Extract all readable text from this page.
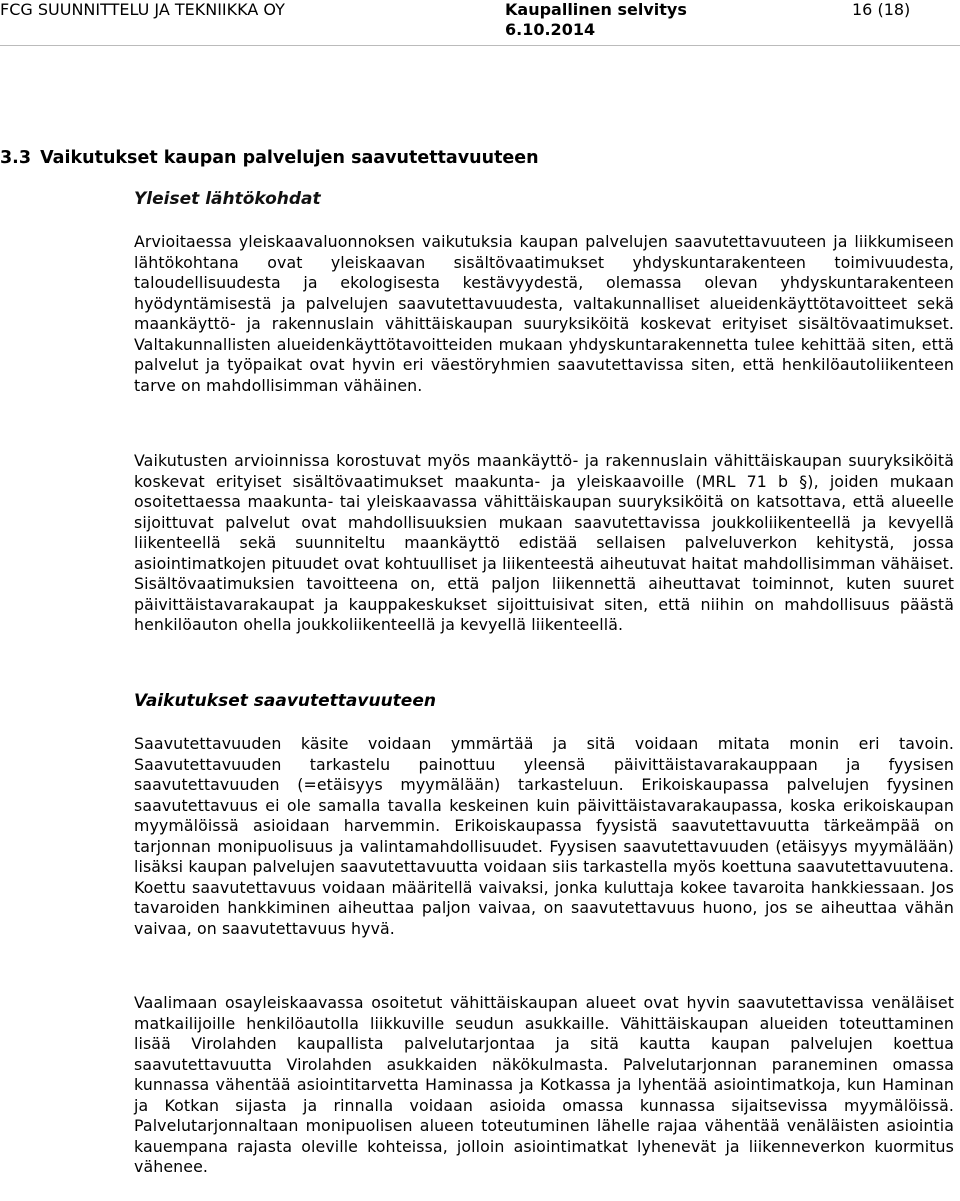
FCG SUUNNITTELU JA TEKNIIKKA OY	Kaupallinen selvitys
6.10.2014
16 (18)
3.3 Vaikutukset kaupan palvelujen saavutettavuuteen
Yleiset lähtökohdat
Arvioitaessa yleiskaavaluonnoksen vaikutuksia kaupan palvelujen saavutettavuuteen ja liikkumiseen lähtökohtana ovat yleiskaavan sisältövaatimukset yhdyskuntarakenteen toimivuudesta, taloudellisuudesta ja ekologisesta kestävyydestä, olemassa olevan yhdyskuntarakenteen hyödyntämisestä ja palvelujen saavutettavuudesta, valtakunnalliset alueidenkäyttötavoitteet sekä maankäyttö- ja rakennuslain vähittäiskaupan suuryksiköitä koskevat erityiset sisältövaatimukset. Valtakunnallisten alueidenkäyttötavoitteiden mukaan yhdyskuntarakennetta tulee kehittää siten, että palvelut ja työpaikat ovat hyvin eri väestöryhmien saavutettavissa siten, että henkilöautoliikenteen tarve on mahdollisimman vähäinen.
Vaikutusten arvioinnissa korostuvat myös maankäyttö- ja rakennuslain vähittäiskaupan suuryksiköitä koskevat erityiset sisältövaatimukset maakunta- ja yleiskaavoille (MRL 71 b §), joiden mukaan osoitettaessa maakunta- tai yleiskaavassa vähittäiskaupan suuryksiköitä on katsottava, että alueelle sijoittuvat palvelut ovat mahdollisuuksien mukaan saavutettavissa joukkoliikenteellä ja kevyellä liikenteellä sekä suunniteltu maankäyttö edistää sellaisen palveluverkon kehitystä, jossa asiointimatkojen pituudet ovat kohtuulliset ja liikenteestä aiheutuvat haitat mahdollisimman vähäiset. Sisältövaatimuksien tavoitteena on, että paljon liikennettä aiheuttavat toiminnot, kuten suuret päivittäistavarakaupat ja kauppakeskukset sijoittuisivat siten, että niihin on mahdollisuus päästä henkilöauton ohella joukkoliikenteellä ja kevyellä liikenteellä.
Vaikutukset saavutettavuuteen
Saavutettavuuden käsite voidaan ymmärtää ja sitä voidaan mitata monin eri tavoin. Saavutettavuuden tarkastelu painottuu yleensä päivittäistavarakauppaan ja fyysisen saavutettavuuden (=etäisyys myymälään) tarkasteluun. Erikoiskaupassa palvelujen fyysinen saavutettavuus ei ole samalla tavalla keskeinen kuin päivittäistavarakaupassa, koska erikoiskaupan myymälöissä asioidaan harvemmin. Erikoiskaupassa fyysistä saavutettavuutta tärkeämpää on tarjonnan monipuolisuus ja valintamahdollisuudet. Fyysisen saavutettavuuden (etäisyys myymälään) lisäksi kaupan palvelujen saavutettavuutta voidaan siis tarkastella myös koettuna saavutettavuutena. Koettu saavutettavuus voidaan määritellä vaivaksi, jonka kuluttaja kokee tavaroita hankkiessaan. Jos tavaroiden hankkiminen aiheuttaa paljon vaivaa, on saavutettavuus huono, jos se aiheuttaa vähän vaivaa, on saavutettavuus hyvä.
Vaalimaan osayleiskaavassa osoitetut vähittäiskaupan alueet ovat hyvin saavutettavissa venäläiset matkailijoille henkilöautolla liikkuville seudun asukkaille. Vähittäiskaupan alueiden toteuttaminen lisää Virolahden kaupallista palvelutarjontaa ja sitä kautta kaupan palvelujen koettua saavutettavuutta Virolahden asukkaiden näkökulmasta. Palvelutarjonnan paraneminen omassa kunnassa vähentää asiointitarvetta Haminassa ja Kotkassa ja lyhentää asiointimatkoja, kun Haminan ja Kotkan sijasta ja rinnalla voidaan asioida omassa kunnassa sijaitsevissa myymälöissä. Palvelutarjonnaltaan monipuolisen alueen toteutuminen lähelle rajaa vähentää venäläisten asiointia kauempana rajasta oleville kohteissa, jolloin asiointimatkat lyhenevät ja liikenneverkon kuormitus vähenee.
